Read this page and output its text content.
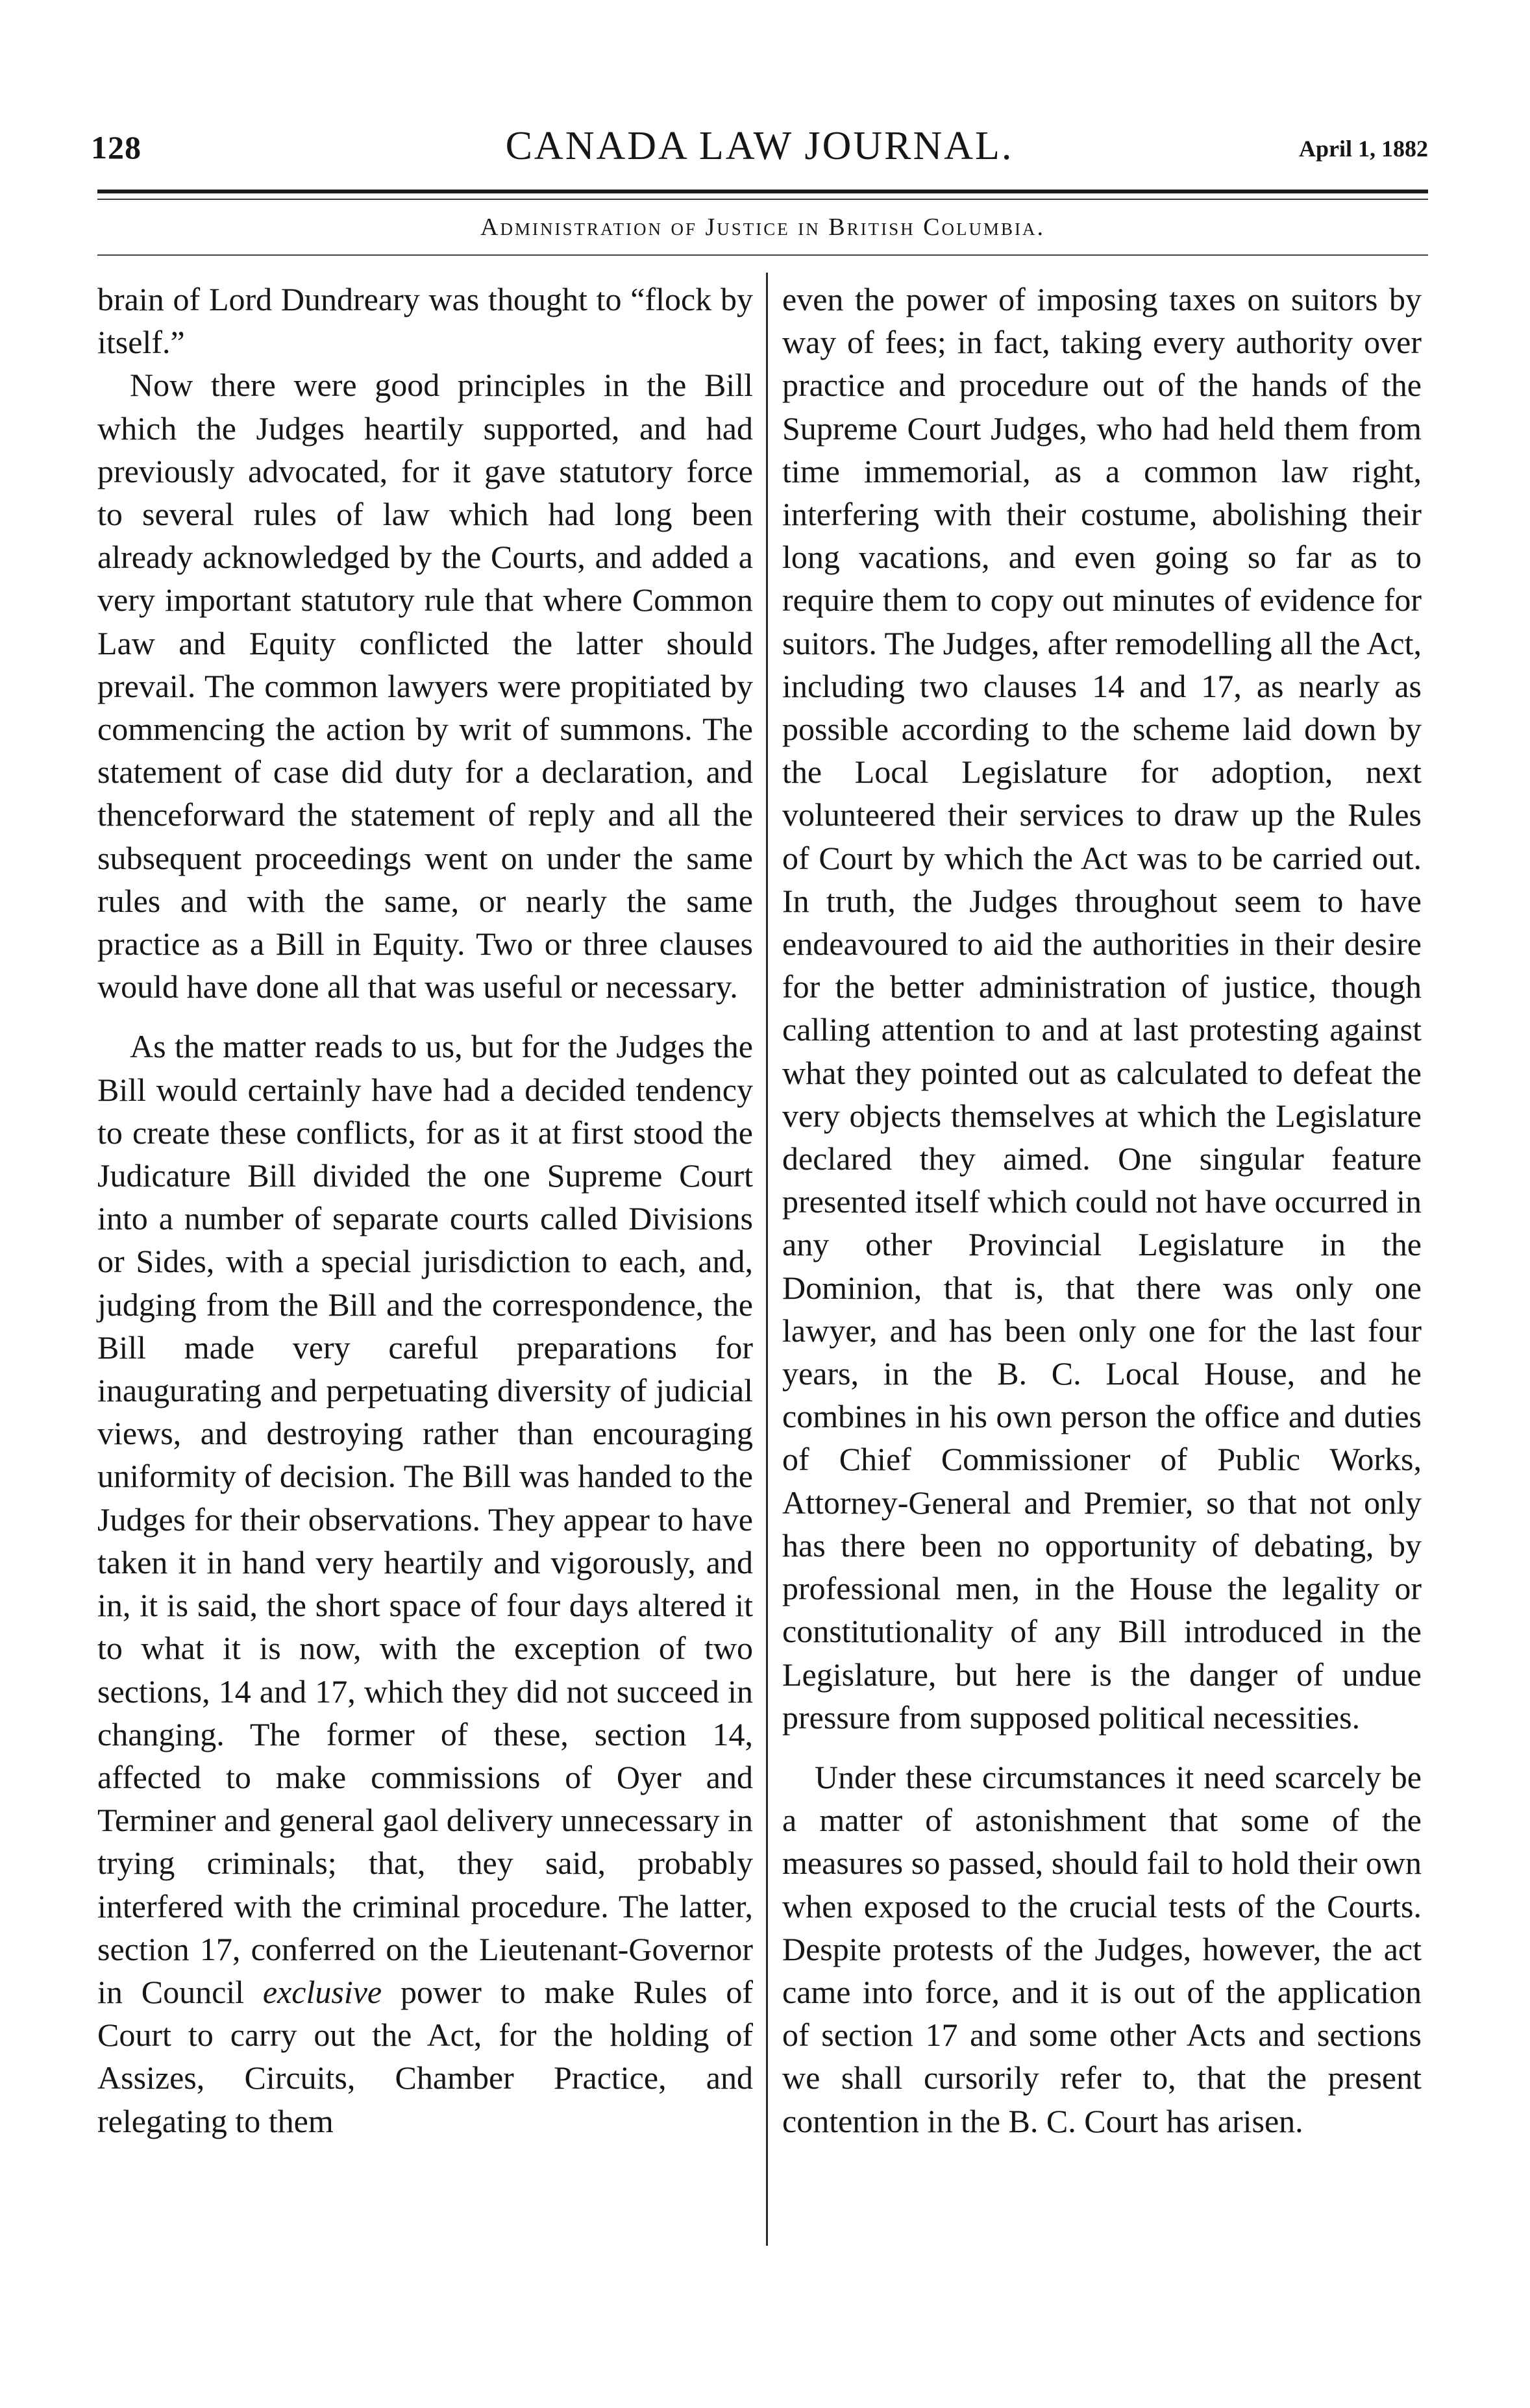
128	CANADA LAW JOURNAL.	April 1, 1882
Administration of Justice in British Columbia.

brain of Lord Dundreary was thought to “flock by itself.”

Now there were good principles in the Bill which the Judges heartily supported, and had previously advocated, for it gave statutory force to several rules of law which had long been already acknowledged by the Courts, and added a very important statutory rule that where Common Law and Equity conflicted the latter should prevail. The common lawyers were propitiated by commencing the action by writ of summons. The statement of case did duty for a declaration, and thenceforward the statement of reply and all the subsequent proceedings went on under the same rules and with the same, or nearly the same practice as a Bill in Equity. Two or three clauses would have done all that was useful or necessary.

As the matter reads to us, but for the Judges the Bill would certainly have had a decided tendency to create these conflicts, for as it at first stood the Judicature Bill divided the one Supreme Court into a number of separate courts called Divisions or Sides, with a special jurisdiction to each, and, judging from the Bill and the correspondence, the Bill made very careful preparations for inaugurating and perpetuating diversity of judicial views, and destroying rather than encouraging uniformity of decision. The Bill was handed to the Judges for their observations. They appear to have taken it in hand very heartily and vigorously, and in, it is said, the short space of four days altered it to what it is now, with the exception of two sections, 14 and 17, which they did not succeed in changing. The former of these, section 14, affected to make commissions of Oyer and Terminer and general gaol delivery unnecessary in trying criminals; that, they said, probably interfered with the criminal procedure. The latter, section 17, conferred on the Lieutenant-Governor in Council exclusive power to make Rules of Court to carry out the Act, for the holding of Assizes, Circuits, Chamber Practice, and relegating to them

even the power of imposing taxes on suitors by way of fees; in fact, taking every authority over practice and procedure out of the hands of the Supreme Court Judges, who had held them from time immemorial, as a common law right, interfering with their costume, abolishing their long vacations, and even going so far as to require them to copy out minutes of evidence for suitors. The Judges, after remodelling all the Act, including two clauses 14 and 17, as nearly as possible according to the scheme laid down by the Local Legislature for adoption, next volunteered their services to draw up the Rules of Court by which the Act was to be carried out. In truth, the Judges throughout seem to have endeavoured to aid the authorities in their desire for the better administration of justice, though calling attention to and at last protesting against what they pointed out as calculated to defeat the very objects themselves at which the Legislature declared they aimed. One singular feature presented itself which could not have occurred in any other Provincial Legislature in the Dominion, that is, that there was only one lawyer, and has been only one for the last four years, in the B. C. Local House, and he combines in his own person the office and duties of Chief Commissioner of Public Works, Attorney-General and Premier, so that not only has there been no opportunity of debating, by professional men, in the House the legality or constitutionality of any Bill introduced in the Legislature, but here is the danger of undue pressure from supposed political necessities.

Under these circumstances it need scarcely be a matter of astonishment that some of the measures so passed, should fail to hold their own when exposed to the crucial tests of the Courts. Despite protests of the Judges, however, the act came into force, and it is out of the application of section 17 and some other Acts and sections we shall cursorily refer to, that the present contention in the B. C. Court has arisen.
